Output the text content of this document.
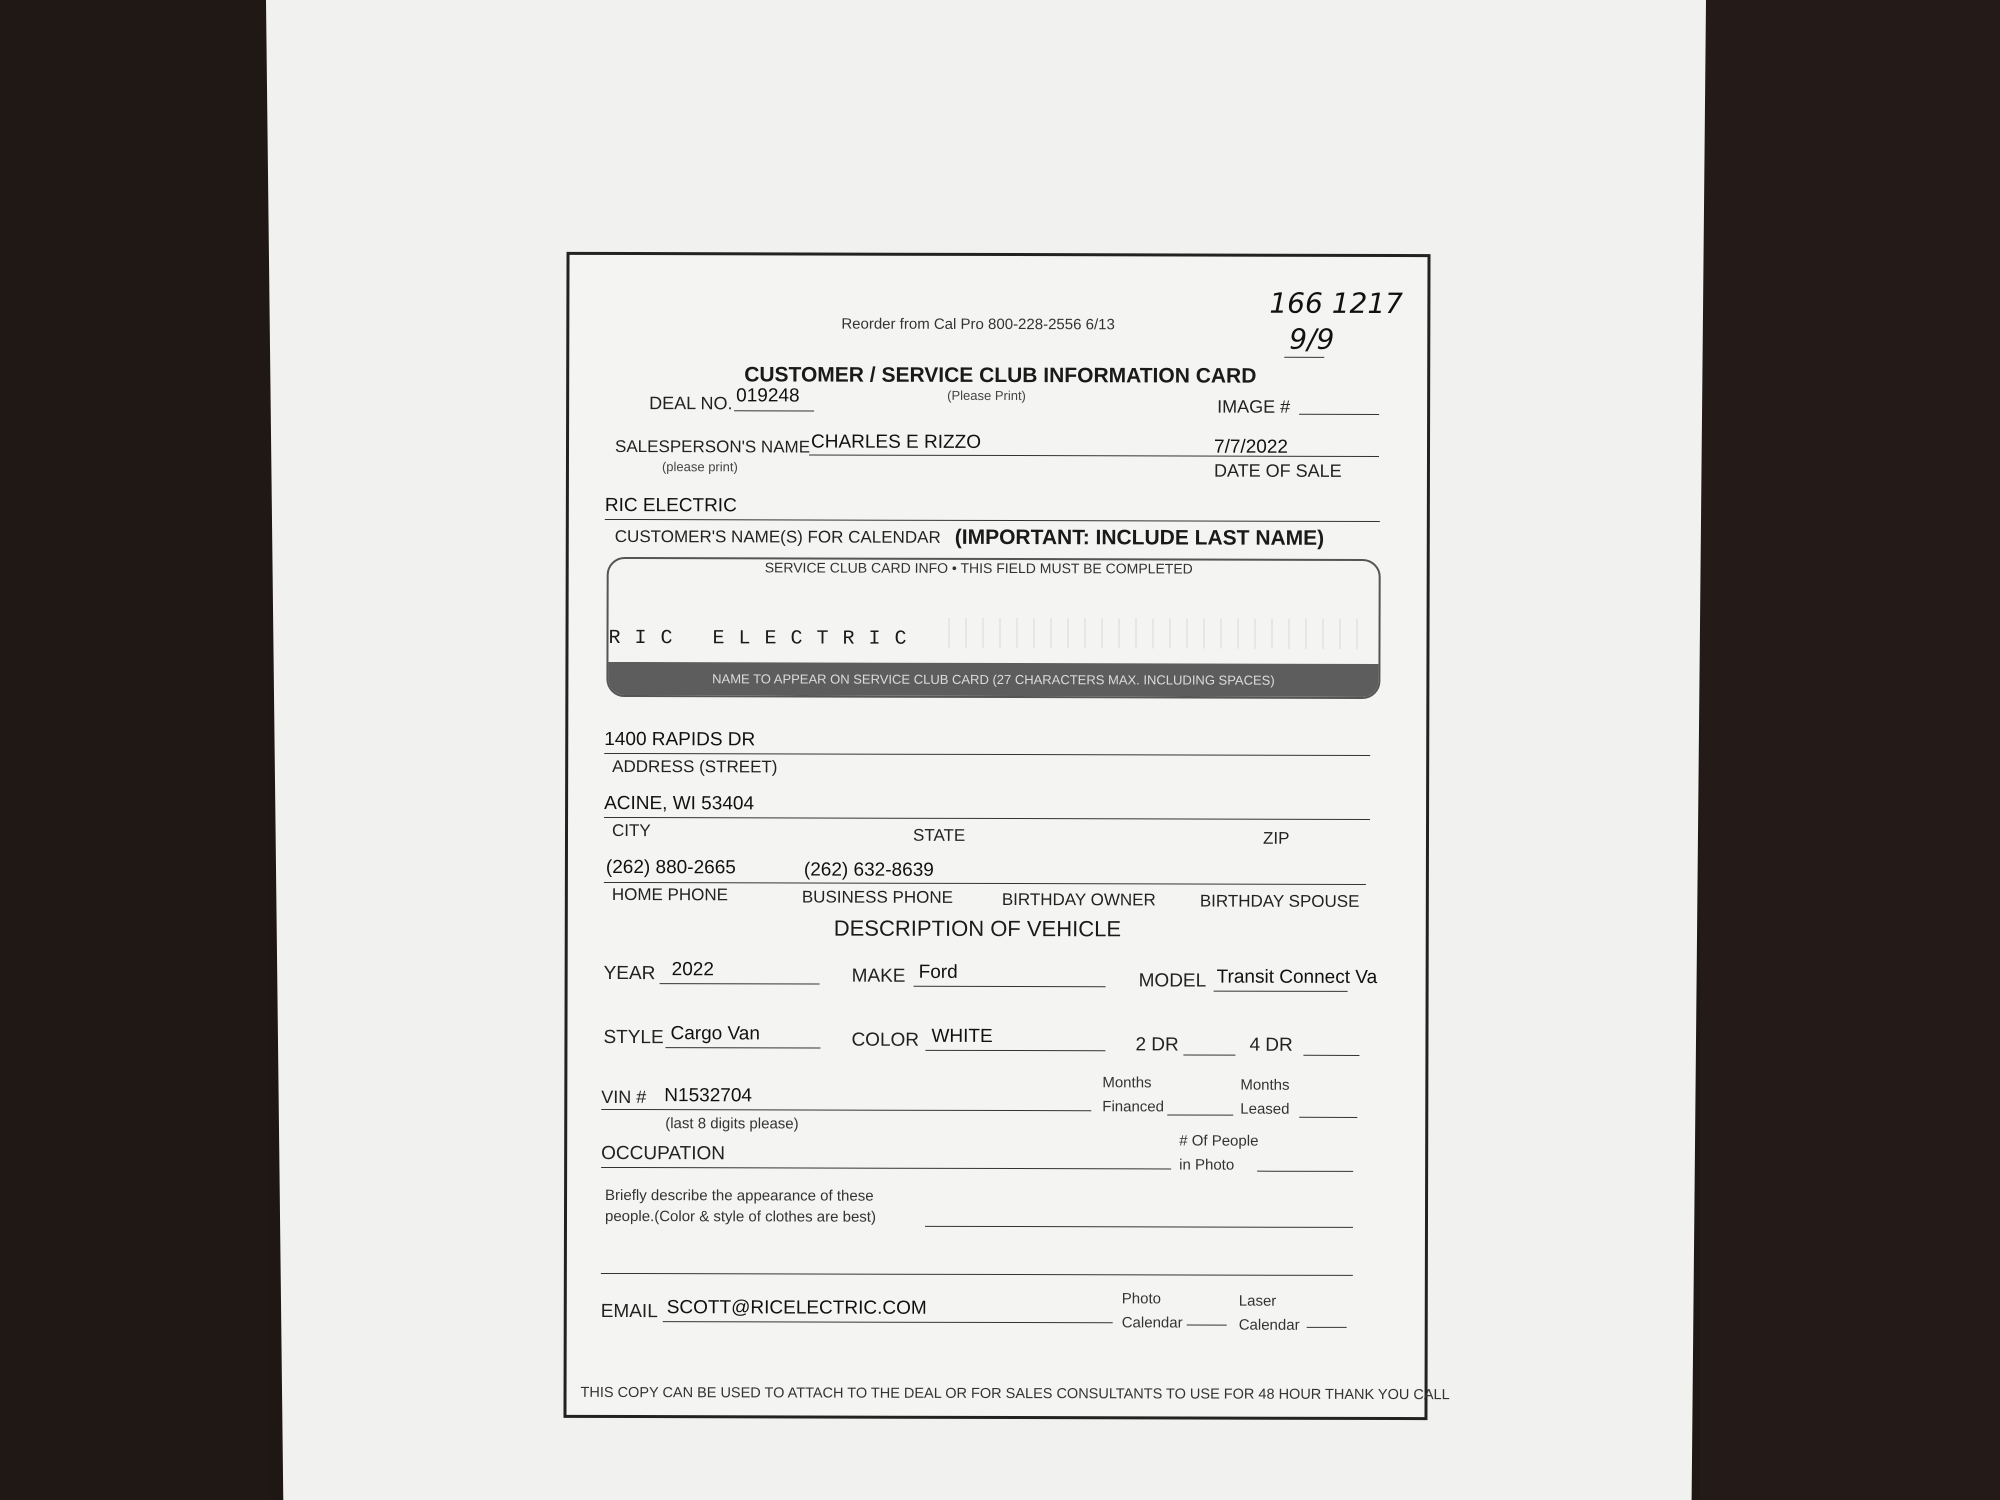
Reorder from Cal Pro 800-228-2556 6/13
166 1217
9/9
CUSTOMER / SERVICE CLUB INFORMATION CARD
(Please Print)
DEAL NO. 019248
IMAGE #
SALESPERSON'S NAME
(please print)
CHARLES E RIZZO	7/7/2022
DATE OF SALE
RIC ELECTRIC
CUSTOMER'S NAME(S) FOR CALENDAR (IMPORTANT: INCLUDE LAST NAME)
SERVICE CLUB CARD INFO • THIS FIELD MUST BE COMPLETED
RIC ELECTRIC
NAME TO APPEAR ON SERVICE CLUB CARD (27 CHARACTERS MAX. INCLUDING SPACES)
1400 RAPIDS DR
ADDRESS (STREET)
ACINE, WI 53404
CITY	STATE	ZIP
(262) 880-2665	(262) 632-8639
HOME PHONE	BUSINESS PHONE	BIRTHDAY OWNER	BIRTHDAY SPOUSE
DESCRIPTION OF VEHICLE
YEAR 2022	MAKE Ford	MODEL Transit Connect Va
STYLE Cargo Van	COLOR WHITE	2 DR	4 DR
VIN # N1532704
(last 8 digits please)
Months
Financed
Months
Leased
OCCUPATION
# Of People
in Photo
Briefly describe the appearance of these
people.(Color & style of clothes are best)
EMAIL SCOTT@RICELECTRIC.COM	Photo
Calendar
Laser
Calendar
THIS COPY CAN BE USED TO ATTACH TO THE DEAL OR FOR SALES CONSULTANTS TO USE FOR 48 HOUR THANK YOU CALL
